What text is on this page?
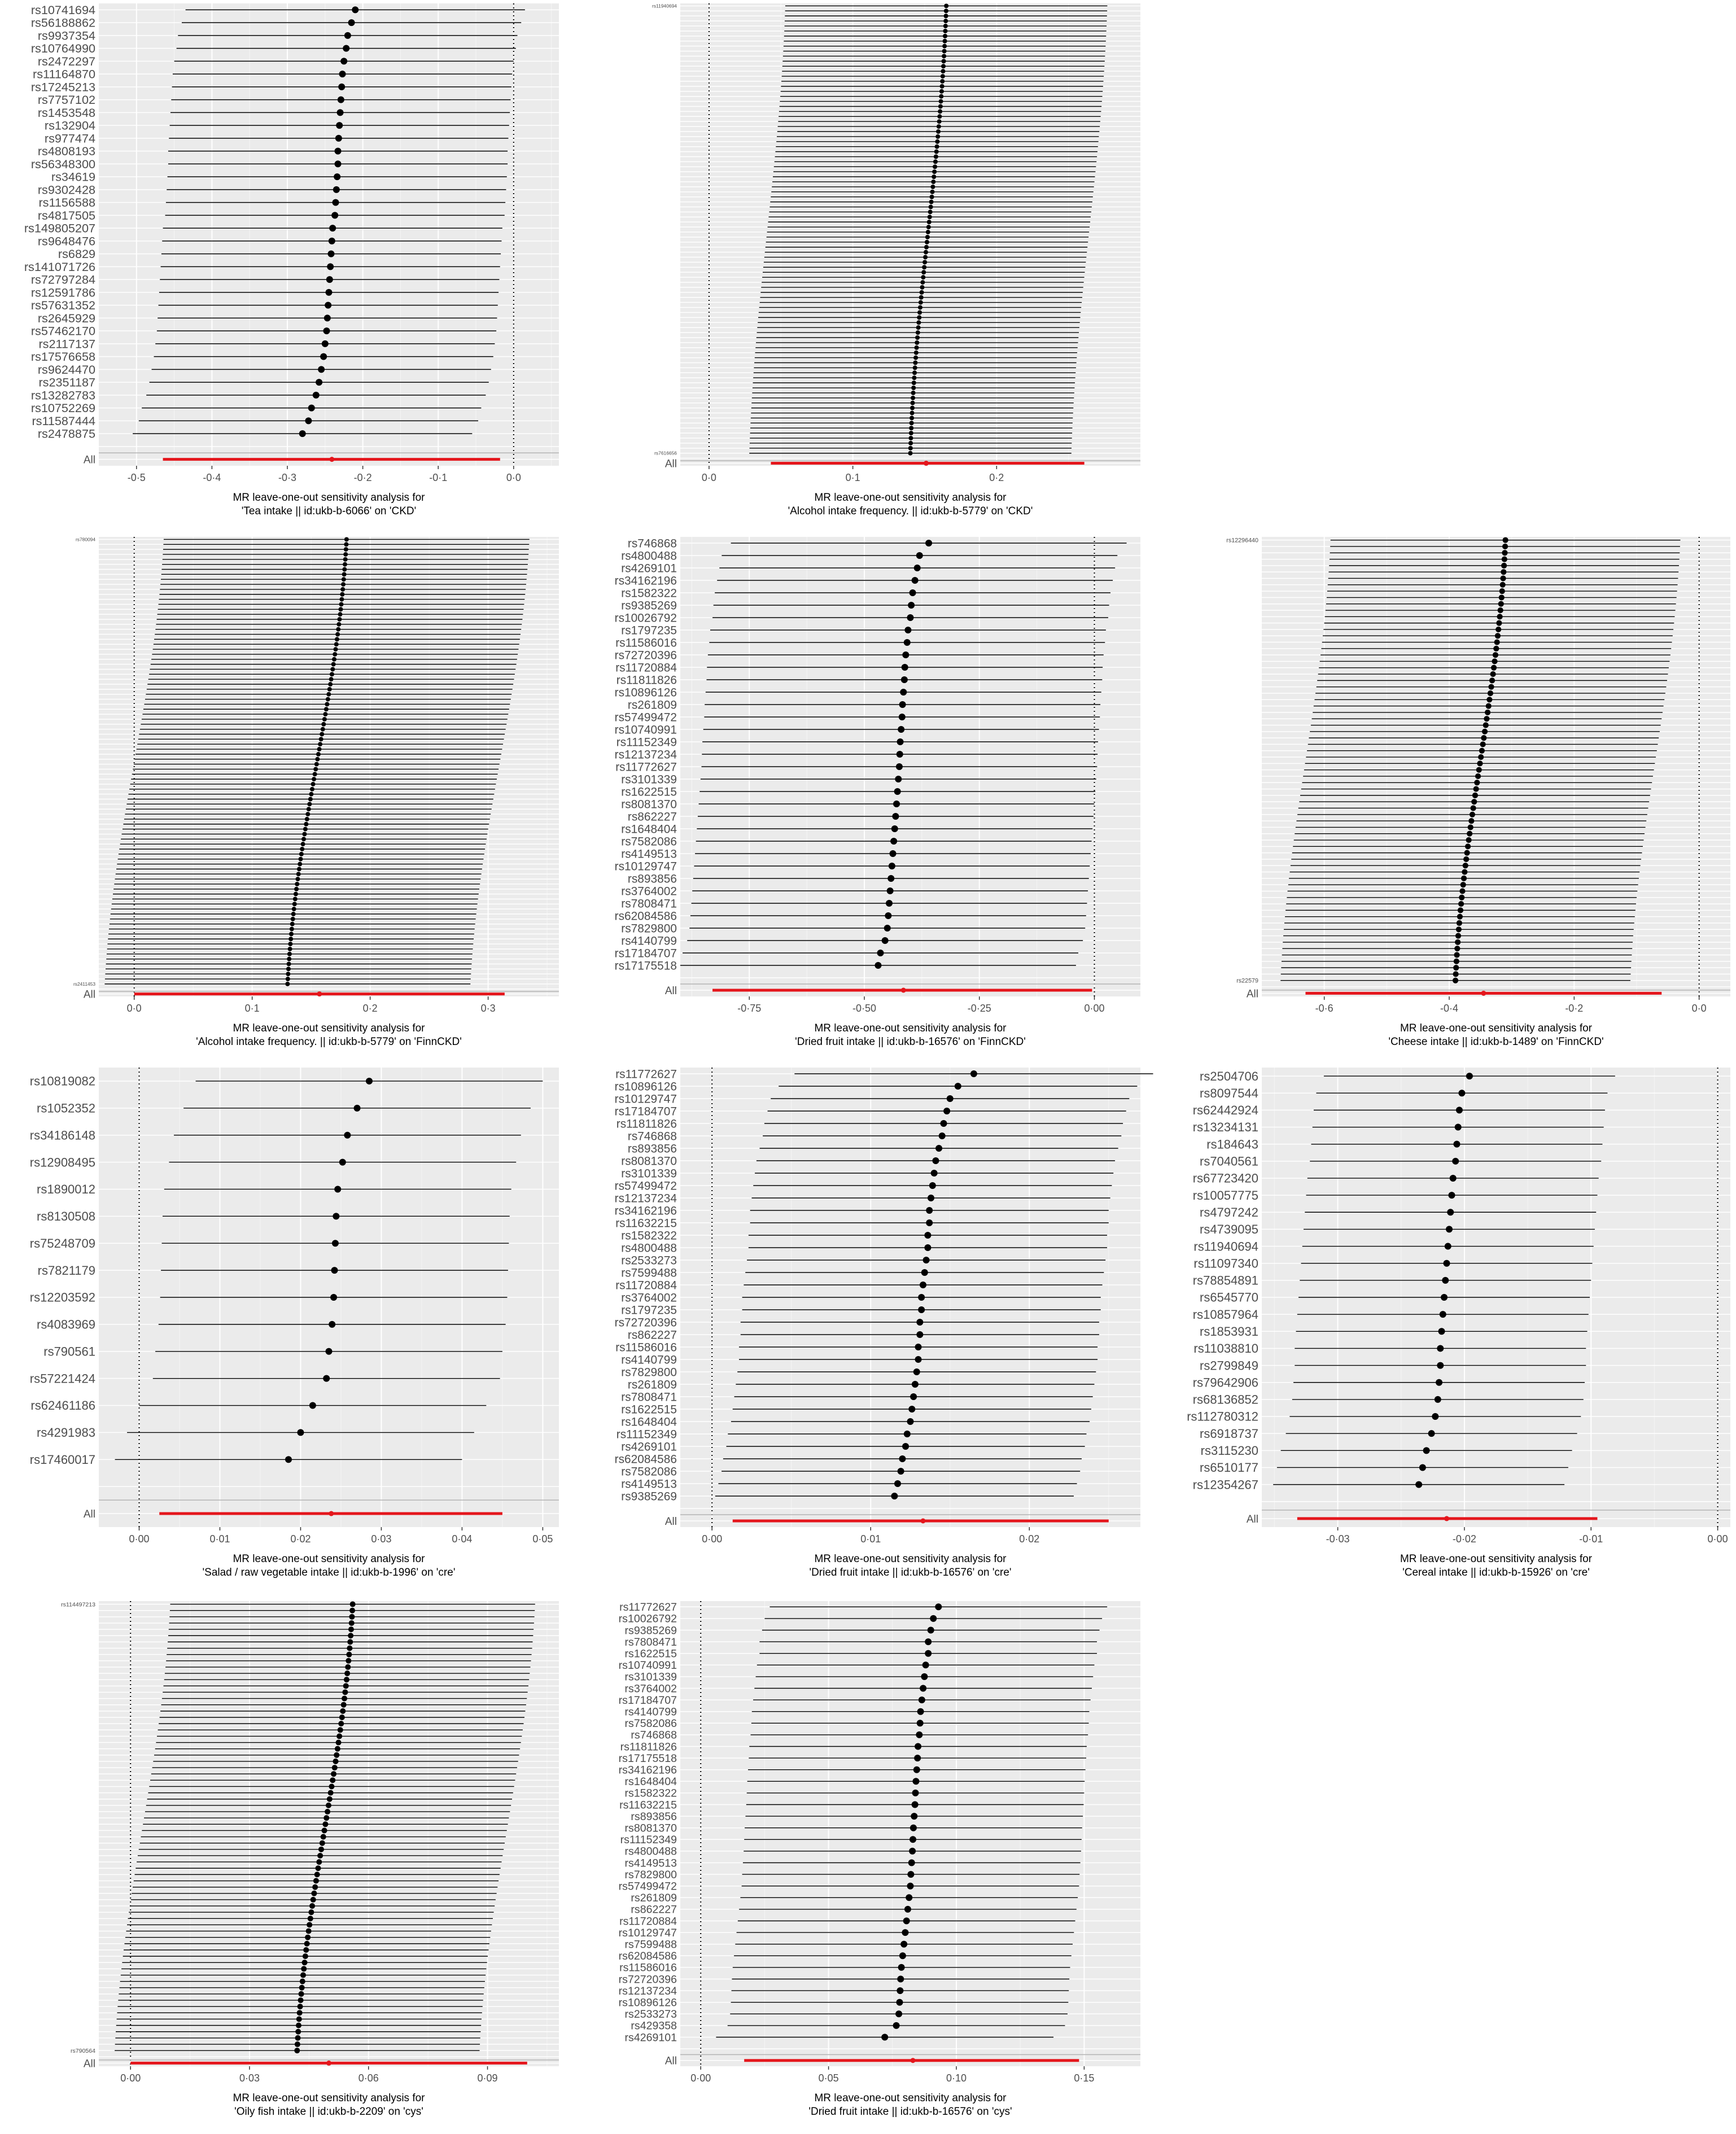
rs10741694
rs56188862
rs9937354
rs10764990
rs2472297
rs11164870
rs17245213
rs7757102
rs1453548
rs132904
rs977474
rs4808193
rs56348300
rs34619
rs9302428
rs1156588
rs4817505
rs149805207
rs9648476
rs6829
rs141071726
rs72797284
rs12591786
rs57631352
rs2645929
rs57462170
rs2117137
rs17576658
rs9624470
rs2351187
rs13282783
rs10752269
rs11587444
rs2478875
All
-0·5	-0·4	-0·3	-0·2	-0·1	0·0
MR leave-one-out sensitivity analysis for
'Tea intake || id:ukb-b-6066' on 'CKD'
rs11940694
rs7616656
All
0·0	0·1	0·2
MR leave-one-out sensitivity analysis for
'Alcohol intake frequency. || id:ukb-b-5779' on 'CKD'
rs780094
rs2411453
All
0·0	0·1	0·2	0·3
MR leave-one-out sensitivity analysis for
'Alcohol intake frequency. || id:ukb-b-5779' on 'FinnCKD'
rs746868
rs4800488
rs4269101
rs34162196
rs1582322
rs9385269
rs10026792
rs1797235
rs11586016
rs72720396
rs11720884
rs11811826
rs10896126
rs261809
rs57499472
rs10740991
rs11152349
rs12137234
rs11772627
rs3101339
rs1622515
rs8081370
rs862227
rs1648404
rs7582086
rs4149513
rs10129747
rs893856
rs3764002
rs7808471
rs62084586
rs7829800
rs4140799
rs17184707
rs17175518
All
-0·75	-0·50	-0·25	0·00
MR leave-one-out sensitivity analysis for
'Dried fruit intake || id:ukb-b-16576' on 'FinnCKD'
rs12296440
rs22579
All
-0·6	-0·4	-0·2	0·0
MR leave-one-out sensitivity analysis for
'Cheese intake || id:ukb-b-1489' on 'FinnCKD'
rs10819082
rs1052352
rs34186148
rs12908495
rs1890012
rs8130508
rs75248709
rs7821179
rs12203592
rs4083969
rs790561
rs57221424
rs62461186
rs4291983
rs17460017
All
0·00	0·01	0·02	0·03	0·04	0·05
MR leave-one-out sensitivity analysis for
'Salad / raw vegetable intake || id:ukb-b-1996' on 'cre'
rs11772627
rs10896126
rs10129747
rs17184707
rs11811826
rs746868
rs893856
rs8081370
rs3101339
rs57499472
rs12137234
rs34162196
rs11632215
rs1582322
rs4800488
rs2533273
rs7599488
rs11720884
rs3764002
rs1797235
rs72720396
rs862227
rs11586016
rs4140799
rs7829800
rs261809
rs7808471
rs1622515
rs1648404
rs11152349
rs4269101
rs62084586
rs7582086
rs4149513
rs9385269
All
0·00	0·01	0·02
MR leave-one-out sensitivity analysis for
'Dried fruit intake || id:ukb-b-16576' on 'cre'
rs2504706
rs8097544
rs62442924
rs13234131
rs184643
rs7040561
rs67723420
rs10057775
rs4797242
rs4739095
rs11940694
rs11097340
rs78854891
rs6545770
rs10857964
rs1853931
rs11038810
rs2799849
rs79642906
rs68136852
rs112780312
rs6918737
rs3115230
rs6510177
rs12354267
All
-0·03	-0·02	-0·01	0·00
MR leave-one-out sensitivity analysis for
'Cereal intake || id:ukb-b-15926' on 'cre'
rs114497213
rs790564
All
0·00	0·03	0·06	0·09
MR leave-one-out sensitivity analysis for
'Oily fish intake || id:ukb-b-2209' on 'cys'
rs11772627
rs10026792
rs9385269
rs7808471
rs1622515
rs10740991
rs3101339
rs3764002
rs17184707
rs4140799
rs7582086
rs746868
rs11811826
rs17175518
rs34162196
rs1648404
rs1582322
rs11632215
rs893856
rs8081370
rs11152349
rs4800488
rs4149513
rs7829800
rs57499472
rs261809
rs862227
rs11720884
rs10129747
rs7599488
rs62084586
rs11586016
rs72720396
rs12137234
rs10896126
rs2533273
rs429358
rs4269101
All
0·00	0·05	0·10	0·15
MR leave-one-out sensitivity analysis for
'Dried fruit intake || id:ukb-b-16576' on 'cys'
